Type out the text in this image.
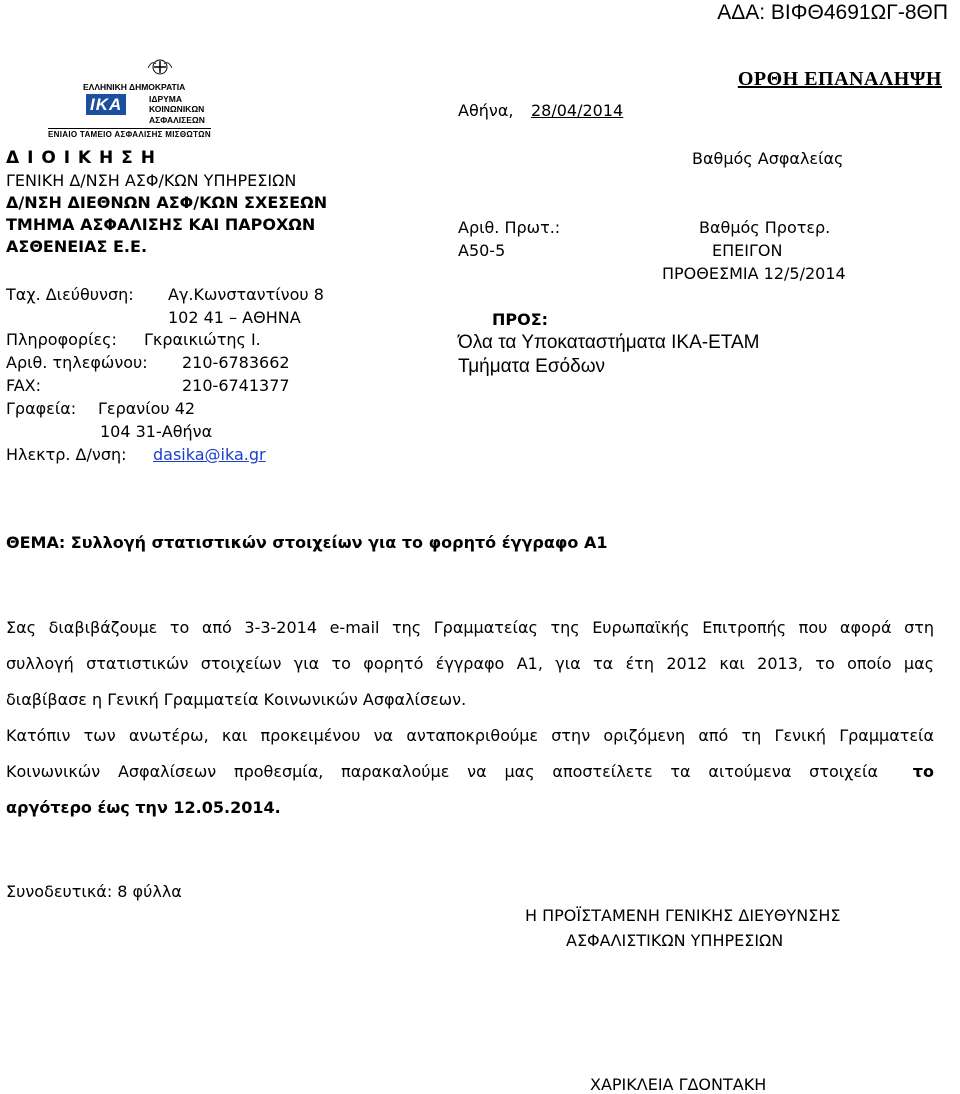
ΑΔΑ: ΒΙΦΘ4691ΩΓ-8ΘΠ
ΟΡΘΗ ΕΠΑΝΑΛΗΨΗ
ΕΛΛΗΝΙΚΗ ΔΗΜΟΚΡΑΤΙΑ
ΙΔΡΥΜΑ
ΚΟΙΝΩΝΙΚΩΝ
ΑΣΦΑΛΙΣΕΩΝ
IKA
ΕΝΙΑΙΟ ΤΑΜΕΙΟ ΑΣΦΑΛΙΣΗΣ ΜΙΣΘΩΤΩΝ
Δ Ι Ο Ι Κ Η Σ Η
ΓΕΝΙΚΗ Δ/ΝΣΗ ΑΣΦ/ΚΩΝ ΥΠΗΡΕΣΙΩΝ
Δ/ΝΣΗ ΔΙΕΘΝΩΝ ΑΣΦ/ΚΩΝ ΣΧΕΣΕΩΝ
ΤΜΗΜΑ ΑΣΦΑΛΙΣΗΣ ΚΑΙ ΠΑΡΟΧΩΝ
ΑΣΘΕΝΕΙΑΣ Ε.Ε.
Ταχ. Διεύθυνση: Αγ.Κωνσταντίνου 8
102 41 – ΑΘΗΝΑ
Πληροφορίες: Γκραικιώτης Ι.
Αριθ. τηλεφώνου: 210-6783662
FAX:	210-6741377
Γραφεία: Γερανίου 42
104 31-Αθήνα
Ηλεκτρ. Δ/νση: dasika@ika.gr
Αθήνα, 28/04/2014
Βαθμός Ασφαλείας
Αριθ. Πρωτ.:
Α50-5
Βαθμός Προτερ.
ΕΠΕΙΓΟΝ
ΠΡΟΘΕΣΜΙΑ 12/5/2014
ΠΡΟΣ:
Όλα τα Υποκαταστήματα ΙΚΑ-ΕΤΑΜ
Τμήματα Εσόδων
ΘΕΜΑ: Συλλογή στατιστικών στοιχείων για το φορητό έγγραφο Α1
Σας διαβιβάζουμε το από 3-3-2014 e-mail της Γραμματείας της Ευρωπαϊκής Επιτροπής που αφορά στη
συλλογή στατιστικών στοιχείων για το φορητό έγγραφο Α1, για τα έτη 2012 και 2013, το οποίο μας
διαβίβασε η Γενική Γραμματεία Κοινωνικών Ασφαλίσεων.
Κατόπιν των ανωτέρω, και προκειμένου να ανταποκριθούμε στην οριζόμενη από τη Γενική Γραμματεία
Κοινωνικών Ασφαλίσεων προθεσμία, παρακαλούμε να μας αποστείλετε τα αιτούμενα στοιχεία το
αργότερο έως την 12.05.2014.
Συνοδευτικά: 8 φύλλα
Η ΠΡΟΪΣΤΑΜΕΝΗ ΓΕΝΙΚΗΣ ΔΙΕΥΘΥΝΣΗΣ
ΑΣΦΑΛΙΣΤΙΚΩΝ ΥΠΗΡΕΣΙΩΝ
ΧΑΡΙΚΛΕΙΑ ΓΔΟΝΤΑΚΗ
